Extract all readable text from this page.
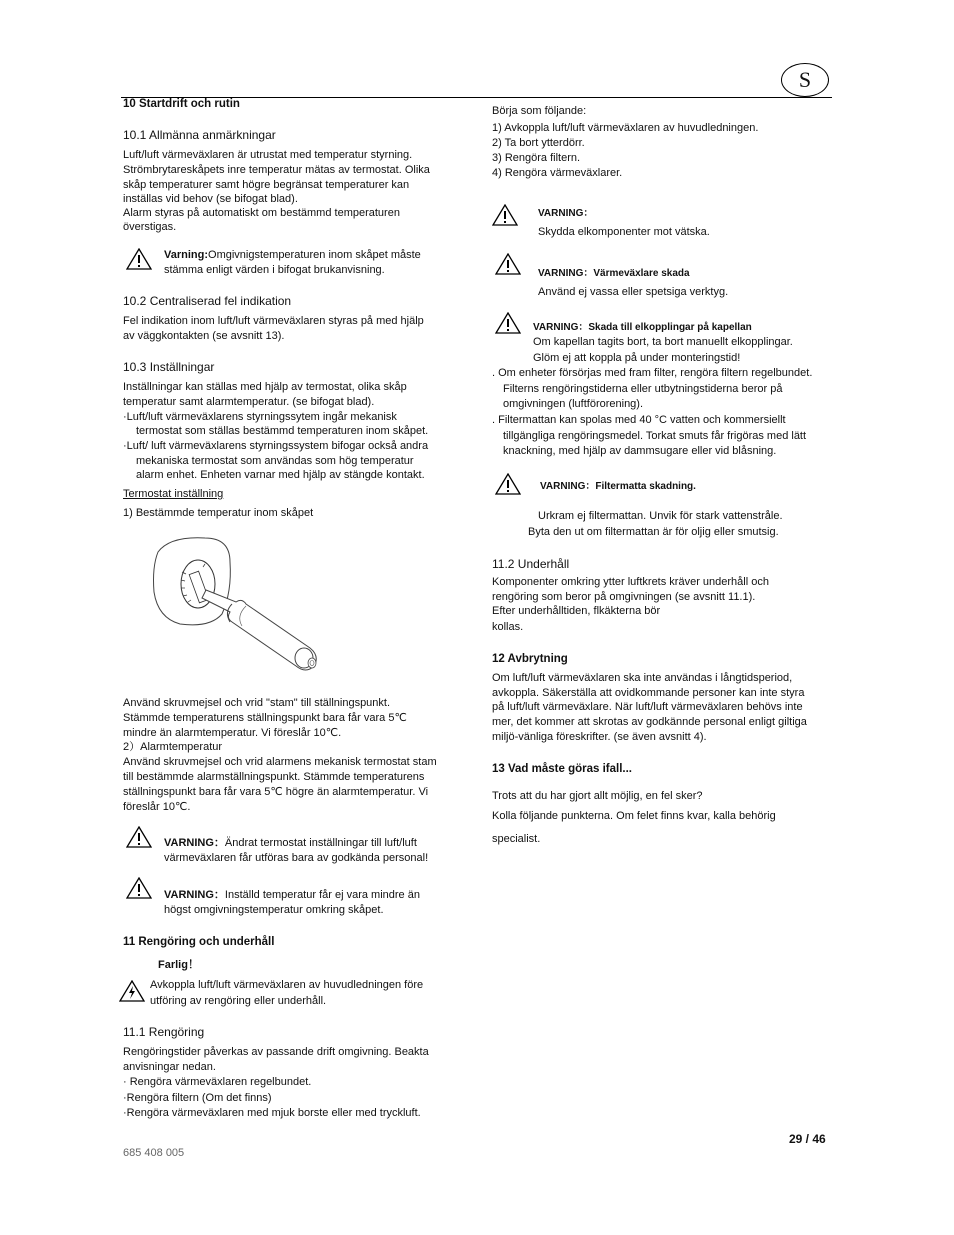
S
10 Startdrift och rutin
10.1 Allmänna anmärkningar
Luft/luft värmeväxlaren är utrustat med temperatur styrning.
Strömbrytareskåpets inre temperatur mätas av termostat. Olika
skåp temperaturer samt högre begränsat temperaturer kan
inställas vid behov (se bifogat blad).
Alarm styras på automatiskt om bestämmd temperaturen
överstigas.
Varning:Omgivnigstemperaturen inom skåpet måste
stämma enligt värden i bifogat brukanvisning.
10.2 Centraliserad fel indikation
Fel indikation inom luft/luft värmeväxlaren styras på med hjälp
av väggkontakten (se avsnitt 13).
10.3 Inställningar
Inställningar kan ställas med hjälp av termostat, olika skåp
temperatur samt alarmtemperatur. (se bifogat blad).
·Luft/luft värmeväxlarens styrningssytem ingår mekanisk
termostat som ställas bestämmd temperaturen inom skåpet.
·Luft/ luft värmeväxlarens styrningssystem bifogar också andra
mekaniska termostat som användas som hög temperatur
alarm enhet. Enheten varnar med hjälp av stängde kontakt.
Termostat inställning
1) Bestämmde temperatur inom skåpet
Använd skruvmejsel och vrid "stam" till ställningspunkt.
Stämmde temperaturens ställningspunkt bara får vara 5℃
mindre än alarmtemperatur. Vi föreslår 10℃.
2）Alarmtemperatur
Använd skruvmejsel och vrid alarmens mekanisk termostat stam
till bestämmde alarmställningspunkt. Stämmde temperaturens
ställningspunkt bara får vara 5℃ högre än alarmtemperatur. Vi
föreslår 10℃.
VARNING：Ändrat termostat inställningar till luft/luft
värmeväxlaren får utföras bara av godkända personal!
VARNING：Inställd temperatur får ej vara mindre än
högst omgivningstemperatur omkring skåpet.
11 Rengöring och underhåll
Farlig！
Avkoppla luft/luft värmeväxlaren av huvudledningen före
utföring av rengöring eller underhåll.
11.1 Rengöring
Rengöringstider påverkas av passande drift omgivning. Beakta
anvisningar nedan.
· Rengöra värmeväxlaren regelbundet.
·Rengöra filtern (Om det finns)
·Rengöra värmeväxlaren med mjuk borste eller med tryckluft.
Börja som följande:
1) Avkoppla luft/luft värmeväxlaren av huvudledningen.
2) Ta bort ytterdörr.
3) Rengöra filtern.
4) Rengöra värmeväxlarer.
VARNING：
Skydda elkomponenter mot vätska.
VARNING：Värmeväxlare skada
Använd ej vassa eller spetsiga verktyg.
VARNING：Skada till elkopplingar på kapellan
Om kapellan tagits bort, ta bort manuellt elkopplingar.
Glöm ej att koppla på under monteringstid!
. Om enheter försörjas med fram filter, rengöra filtern regelbundet.
Filterns rengöringstiderna eller utbytningstiderna beror på
omgivningen (luftförorening).
. Filtermattan kan spolas med 40 °C vatten och kommersiellt
tillgängliga rengöringsmedel. Torkat smuts får frigöras med lätt
knackning, med hjälp av dammsugare eller vid blåsning.
VARNING：Filtermatta skadning.
Urkram ej filtermattan. Unvik för stark vattenstråle.
Byta den ut om filtermattan är för oljig eller smutsig.
11.2 Underhåll
Komponenter omkring ytter luftkrets kräver underhåll och
rengöring som beror på omgivningen (se avsnitt 11.1).
Efter underhålltiden, flkäkterna bör
kollas.
12 Avbrytning
Om luft/luft värmeväxlaren ska inte användas i långtidsperiod,
avkoppla. Säkerställa att ovidkommande personer kan inte styra
på luft/luft värmeväxlare. När luft/luft värmeväxlaren behövs inte
mer, det kommer att skrotas av godkännde personal enligt giltiga
miljö-vänliga föreskrifter. (se även avsnitt 4).
13 Vad måste göras ifall...
Trots att du har gjort allt möjlig, en fel sker?
Kolla följande punkterna. Om felet finns kvar, kalla behörig
specialist.
29 / 46
685 408 005
